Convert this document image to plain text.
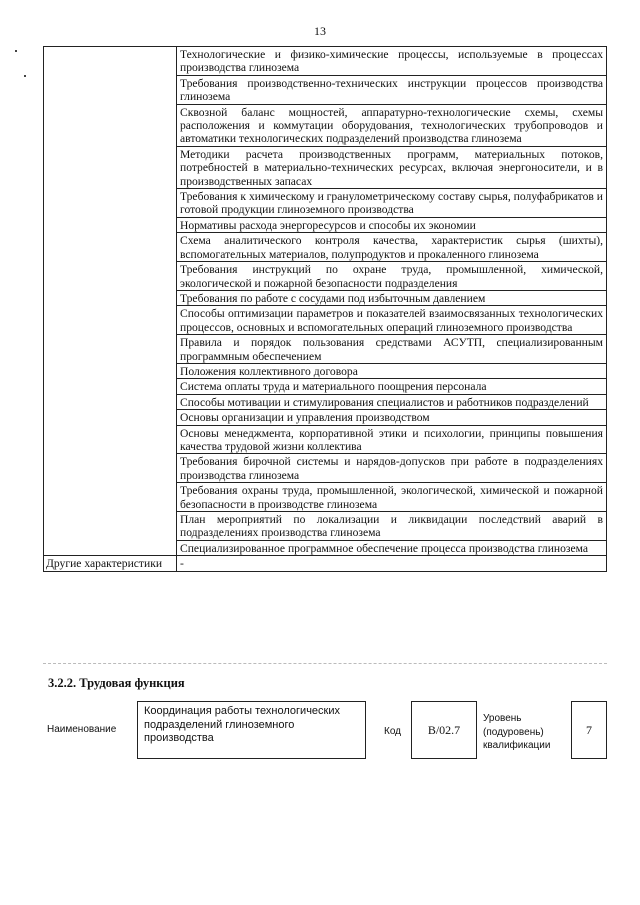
13
	Технологические и физико-химические процессы, используемые в процессах производства глинозема
	Требования производственно-технических инструкции процессов производства глинозема
	Сквозной баланс мощностей, аппаратурно-технологические схемы, схемы расположения и коммутации оборудования, технологических трубопроводов и автоматики технологических подразделений производства глинозема
	Методики расчета производственных программ, материальных потоков, потребностей в материально-технических ресурсах, включая энергоносители, и в производственных запасах
	Требования к химическому и гранулометрическому составу сырья, полуфабрикатов и готовой продукции глиноземного производства
	Нормативы расхода энергоресурсов и способы их экономии
	Схема аналитического контроля качества, характеристик сырья (шихты), вспомогательных материалов, полупродуктов и прокаленного глинозема
	Требования инструкций по охране труда, промышленной, химической, экологической и пожарной безопасности подразделения
	Требования по работе с сосудами под избыточным давлением
	Способы оптимизации параметров и показателей взаимосвязанных технологических процессов, основных и вспомогательных операций глиноземного производства
	Правила и порядок пользования средствами АСУТП, специализированным программным обеспечением
	Положения коллективного договора
	Система оплаты труда и материального поощрения персонала
	Способы мотивации и стимулирования специалистов и работников подразделений
	Основы организации и управления производством
	Основы менеджмента, корпоративной этики и психологии, принципы повышения качества трудовой жизни коллектива
	Требования бирочной системы и нарядов-допусков при работе в подразделениях производства глинозема
	Требования охраны труда, промышленной, экологической, химической и пожарной безопасности в производстве глинозема
	План мероприятий по локализации и ликвидации последствий аварий в подразделениях производства глинозема
	Специализированное программное обеспечение процесса производства глинозема
Другие характеристики	-
3.2.2. Трудовая функция
Наименование
Координация работы технологических подразделений глиноземного производства
Код B/02.7
Уровень (подуровень) квалификации
7
